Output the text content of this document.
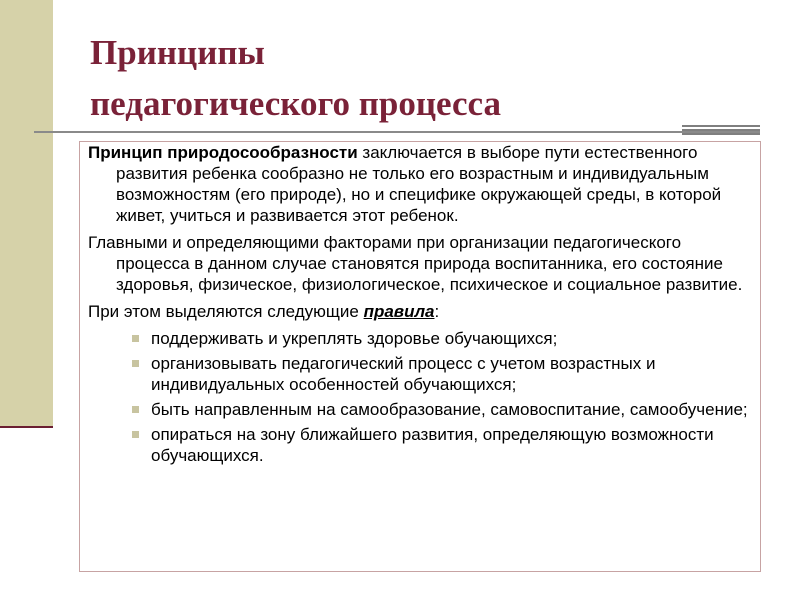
Принципы
педагогического процесса

Принцип природосообразности заключается в выборе пути естественного развития ребенка сообразно не только его возрастным и индивидуальным возможностям (его природе), но и специфике окружающей среды, в которой живет, учиться и развивается этот ребенок.

Главными и определяющими факторами при организации педагогического процесса в данном случае становятся природа воспитанника, его состояние здоровья, физическое, физиологическое, психическое и социальное развитие.

При этом выделяются следующие правила:

поддерживать и укреплять здоровье обучающихся;
организовывать педагогический процесс с учетом возрастных и индивидуальных особенностей обучающихся;
быть направленным на самообразование, самовоспитание, самообучение;
опираться на зону ближайшего развития, определяющую возможности обучающихся.
